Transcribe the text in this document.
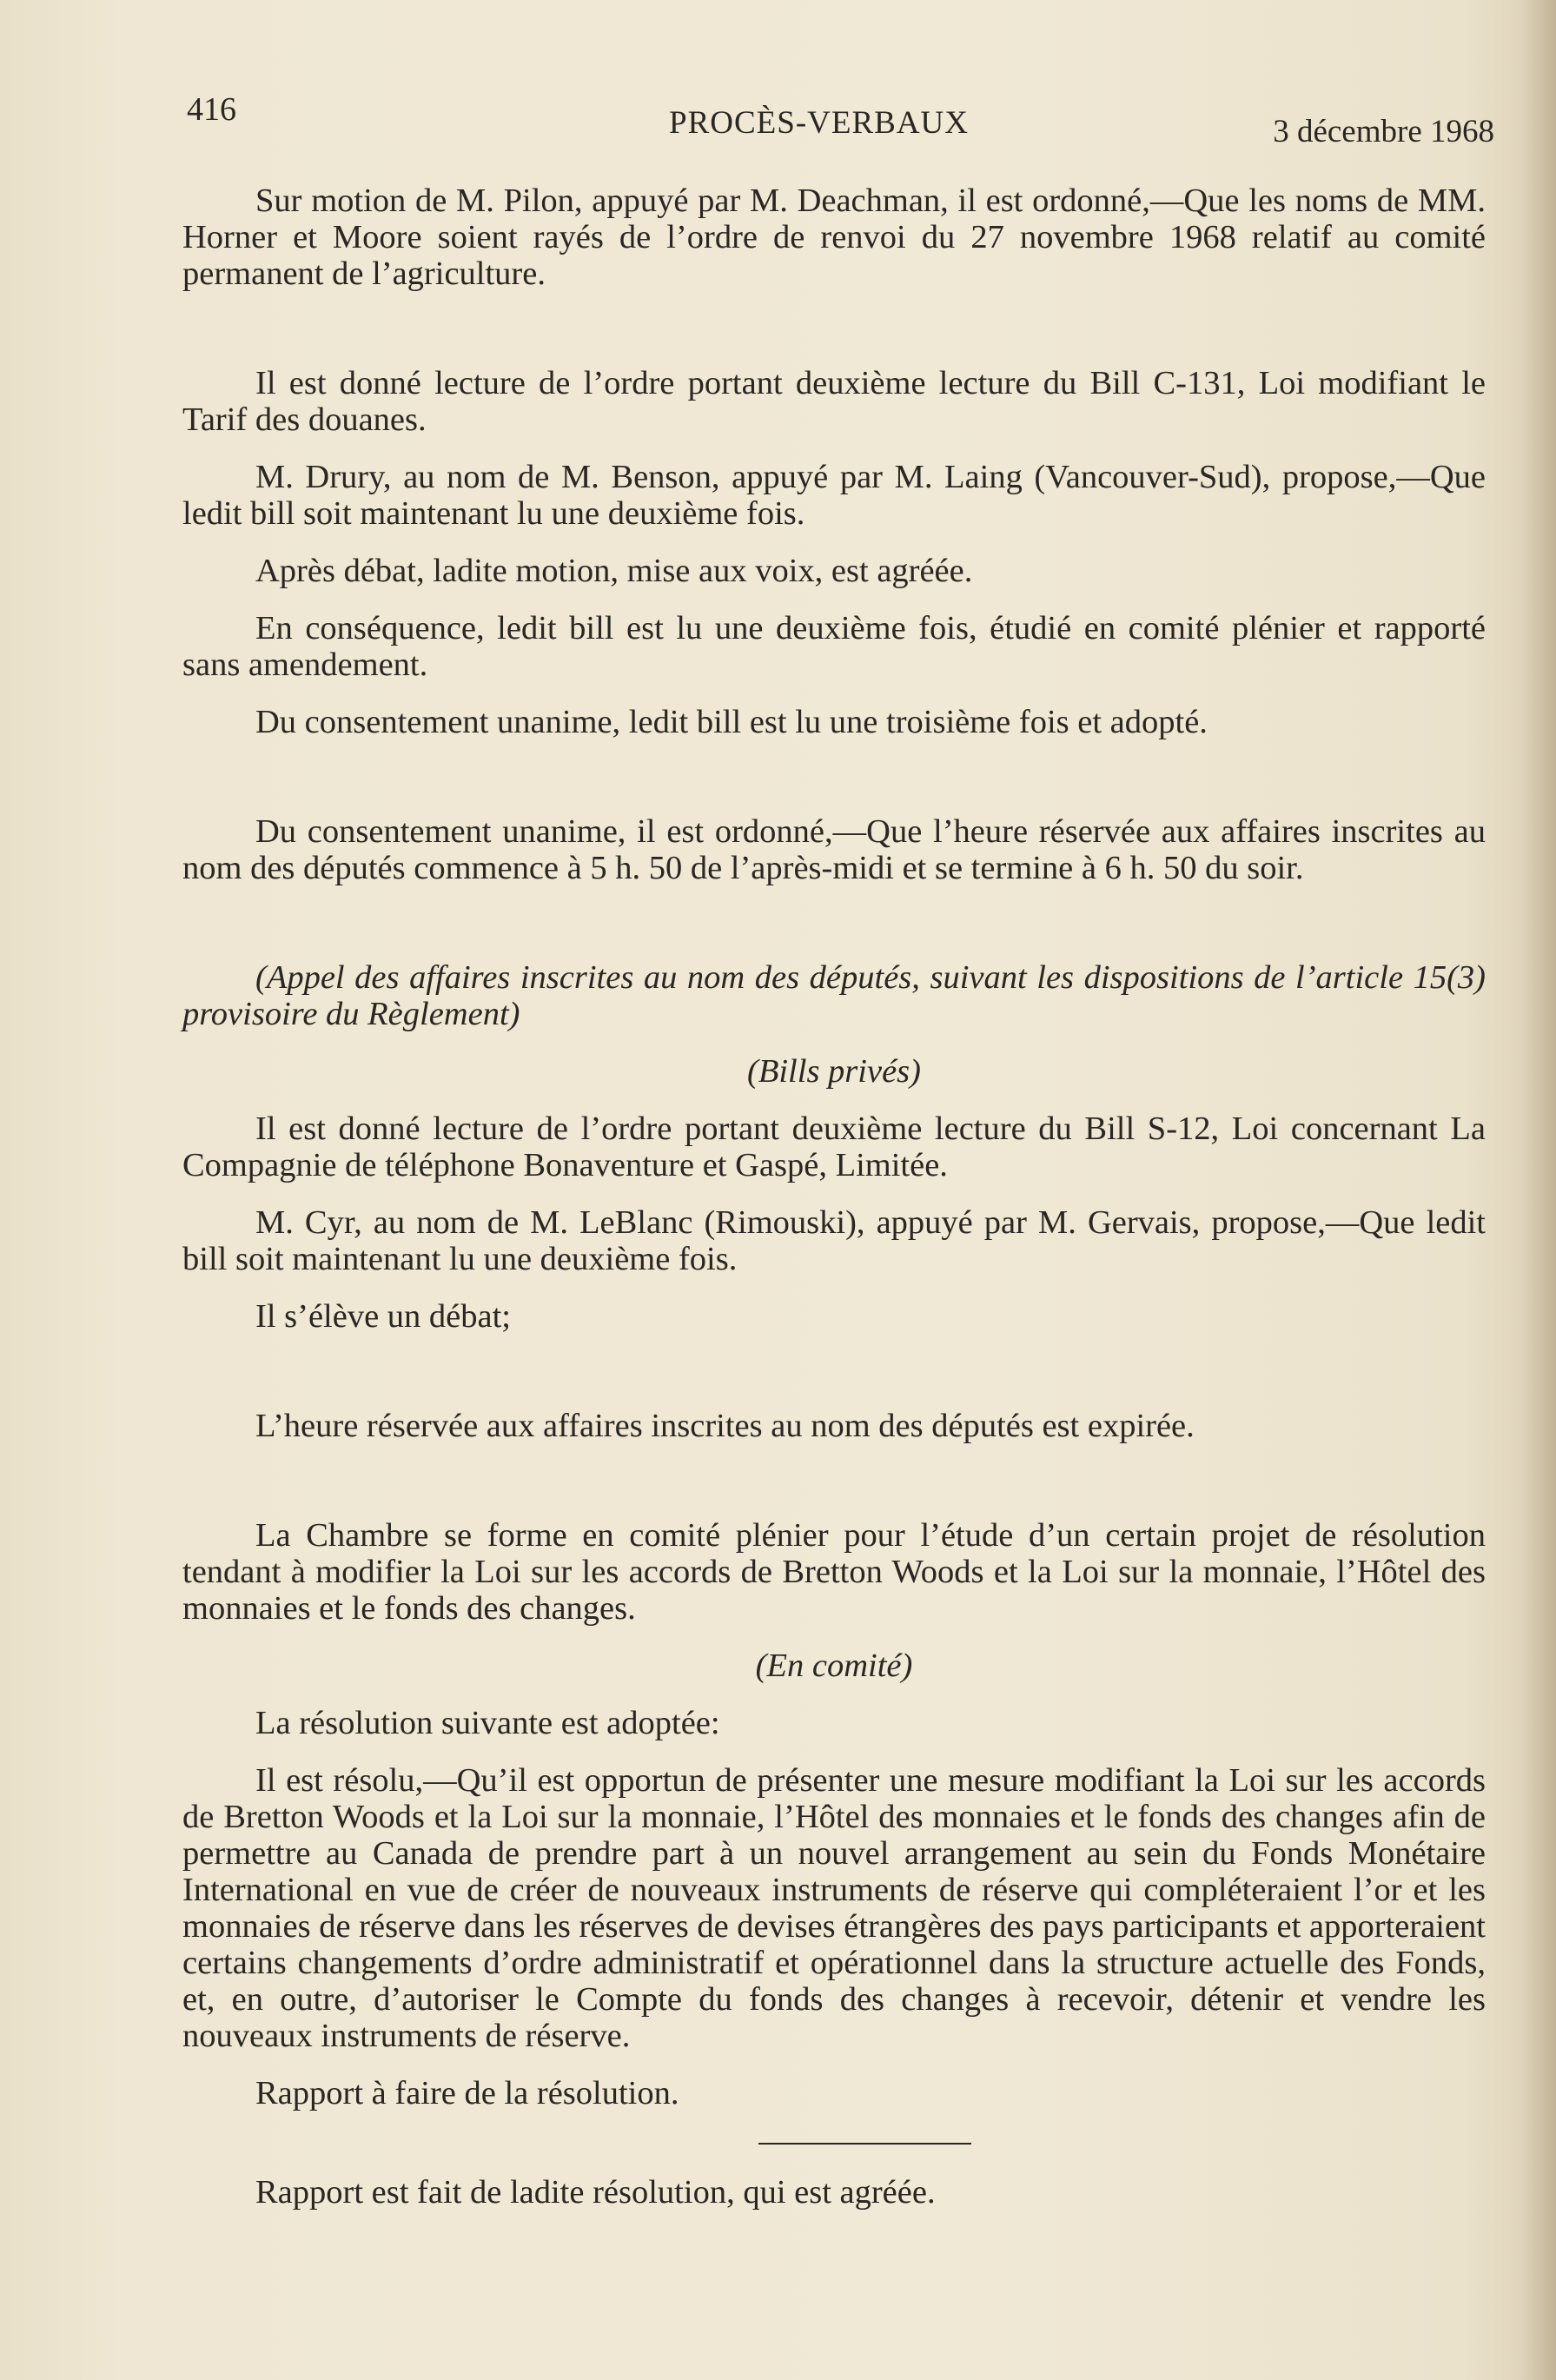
416	PROCÈS-VERBAUX	3 décembre 1968

Sur motion de M. Pilon, appuyé par M. Deachman, il est ordonné,—Que les noms de MM. Horner et Moore soient rayés de l’ordre de renvoi du 27 novembre 1968 relatif au comité permanent de l’agriculture.

Il est donné lecture de l’ordre portant deuxième lecture du Bill C-131, Loi modifiant le Tarif des douanes.

M. Drury, au nom de M. Benson, appuyé par M. Laing (Vancouver-Sud), propose,—Que ledit bill soit maintenant lu une deuxième fois.

Après débat, ladite motion, mise aux voix, est agréée.

En conséquence, ledit bill est lu une deuxième fois, étudié en comité plénier et rapporté sans amendement.

Du consentement unanime, ledit bill est lu une troisième fois et adopté.

Du consentement unanime, il est ordonné,—Que l’heure réservée aux affaires inscrites au nom des députés commence à 5 h. 50 de l’après-midi et se termine à 6 h. 50 du soir.

(Appel des affaires inscrites au nom des députés, suivant les dispositions de l’article 15(3) provisoire du Règlement)

(Bills privés)

Il est donné lecture de l’ordre portant deuxième lecture du Bill S-12, Loi concernant La Compagnie de téléphone Bonaventure et Gaspé, Limitée.

M. Cyr, au nom de M. LeBlanc (Rimouski), appuyé par M. Gervais, propose,—Que ledit bill soit maintenant lu une deuxième fois.

Il s’élève un débat;

L’heure réservée aux affaires inscrites au nom des députés est expirée.

La Chambre se forme en comité plénier pour l’étude d’un certain projet de résolution tendant à modifier la Loi sur les accords de Bretton Woods et la Loi sur la monnaie, l’Hôtel des monnaies et le fonds des changes.

(En comité)

La résolution suivante est adoptée:

Il est résolu,—Qu’il est opportun de présenter une mesure modifiant la Loi sur les accords de Bretton Woods et la Loi sur la monnaie, l’Hôtel des monnaies et le fonds des changes afin de permettre au Canada de prendre part à un nouvel arrangement au sein du Fonds Monétaire International en vue de créer de nouveaux instruments de réserve qui compléteraient l’or et les monnaies de réserve dans les réserves de devises étrangères des pays participants et apporteraient certains changements d’ordre administratif et opérationnel dans la structure actuelle des Fonds, et, en outre, d’autoriser le Compte du fonds des changes à recevoir, détenir et vendre les nouveaux instruments de réserve.

Rapport à faire de la résolution.

Rapport est fait de ladite résolution, qui est agréée.
